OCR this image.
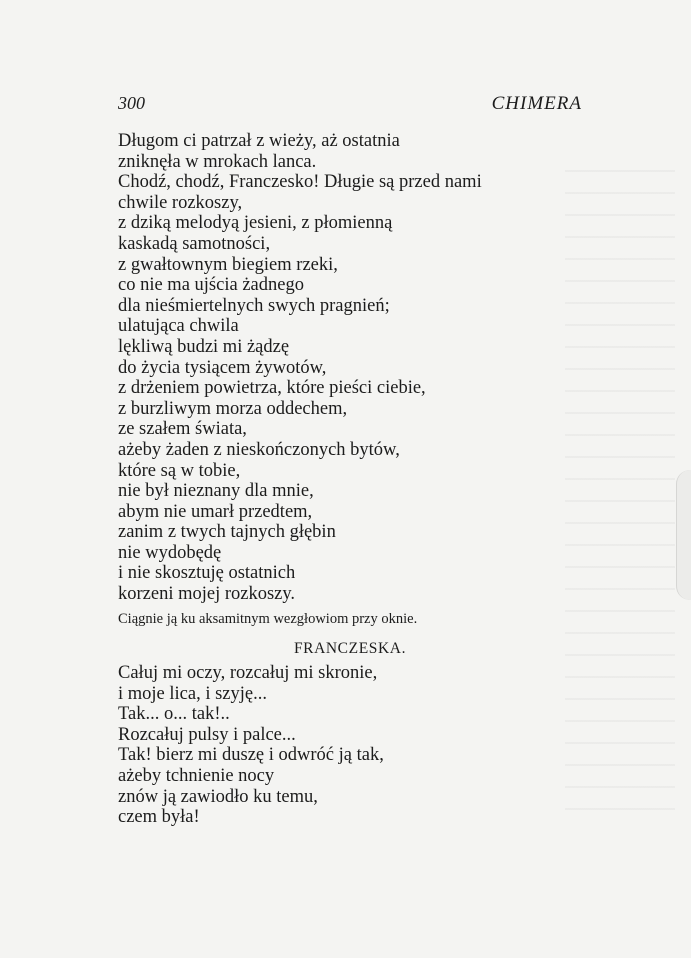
300	CHIMERA

Długom ci patrzał z wieży, aż ostatnia

zniknęła w mrokach lanca.

Chodź, chodź, Franczesko! Długie są przed nami

chwile rozkoszy,

z dziką melodyą jesieni, z płomienną

kaskadą samotności,

z gwałtownym biegiem rzeki,

co nie ma ujścia żadnego

dla nieśmiertelnych swych pragnień;

ulatująca chwila

lękliwą budzi mi żądzę

do życia tysiącem żywotów,

z drżeniem powietrza, które pieści ciebie,

z burzliwym morza oddechem,

ze szałem świata,

ażeby żaden z nieskończonych bytów,

które są w tobie,

nie był nieznany dla mnie,

abym nie umarł przedtem,

zanim z twych tajnych głębin

nie wydobędę

i nie skosztuję ostatnich

korzeni mojej rozkoszy.

Ciągnie ją ku aksamitnym wezgłowiom przy oknie.

FRANCZESKA.

Całuj mi oczy, rozcałuj mi skronie,

i moje lica, i szyję...

Tak... o... tak!..

Rozcałuj pulsy i palce...

Tak! bierz mi duszę i odwróć ją tak,

ażeby tchnienie nocy

znów ją zawiodło ku temu,

czem była!
